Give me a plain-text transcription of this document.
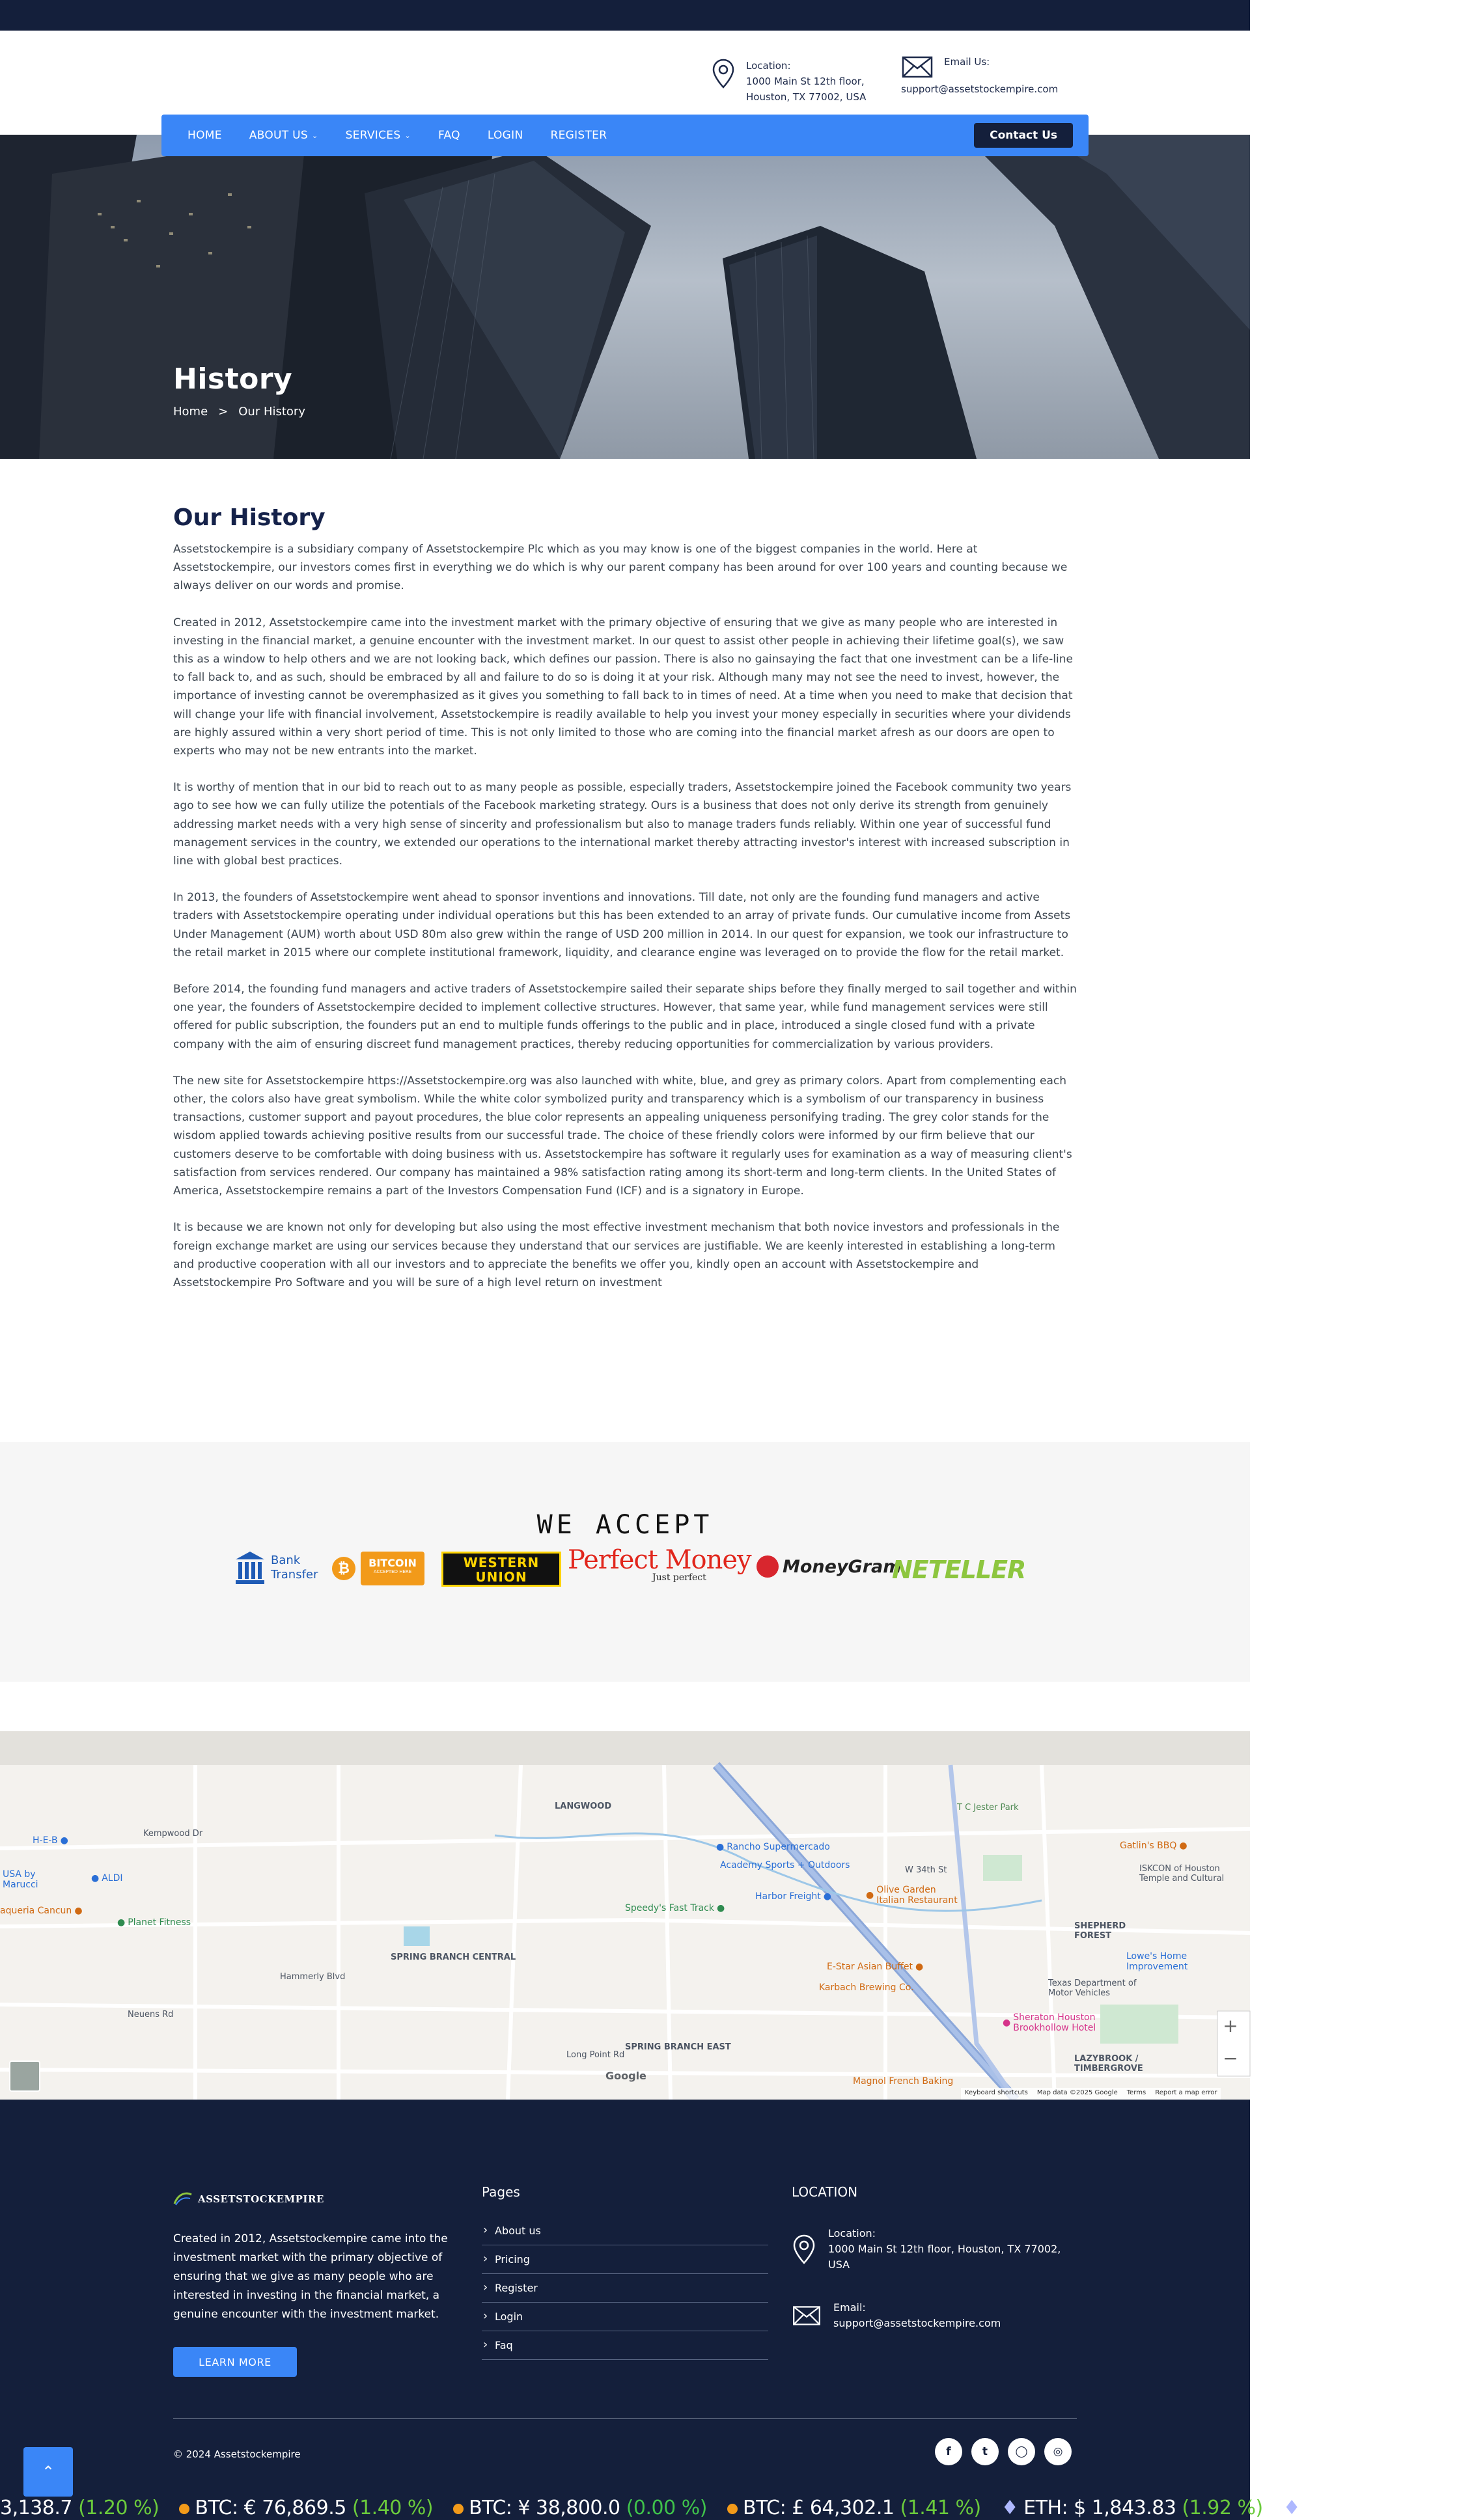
Location:
1000 Main St 12th floor,
Houston, TX 77002, USA
Email Us:
support@assetstockempire.com
HOME ABOUT US ⌄ SERVICES ⌄ FAQ LOGIN REGISTER	Contact Us
History
Home > Our History
Our History

Assetstockempire is a subsidiary company of Assetstockempire Plc which as you may know is one of the biggest companies in the world. Here at Assetstockempire, our investors comes first in everything we do which is why our parent company has been around for over 100 years and counting because we always deliver on our words and promise.

Created in 2012, Assetstockempire came into the investment market with the primary objective of ensuring that we give as many people who are interested in investing in the financial market, a genuine encounter with the investment market. In our quest to assist other people in achieving their lifetime goal(s), we saw this as a window to help others and we are not looking back, which defines our passion. There is also no gainsaying the fact that one investment can be a life-line to fall back to, and as such, should be embraced by all and failure to do so is doing it at your risk. Although many may not see the need to invest, however, the importance of investing cannot be overemphasized as it gives you something to fall back to in times of need. At a time when you need to make that decision that will change your life with financial involvement, Assetstockempire is readily available to help you invest your money especially in securities where your dividends are highly assured within a very short period of time. This is not only limited to those who are coming into the financial market afresh as our doors are open to experts who may not be new entrants into the market.

It is worthy of mention that in our bid to reach out to as many people as possible, especially traders, Assetstockempire joined the Facebook community two years ago to see how we can fully utilize the potentials of the Facebook marketing strategy. Ours is a business that does not only derive its strength from genuinely addressing market needs with a very high sense of sincerity and professionalism but also to manage traders funds reliably. Within one year of successful fund management services in the country, we extended our operations to the international market thereby attracting investor's interest with increased subscription in line with global best practices.

In 2013, the founders of Assetstockempire went ahead to sponsor inventions and innovations. Till date, not only are the founding fund managers and active traders with Assetstockempire operating under individual operations but this has been extended to an array of private funds. Our cumulative income from Assets Under Management (AUM) worth about USD 80m also grew within the range of USD 200 million in 2014. In our quest for expansion, we took our infrastructure to the retail market in 2015 where our complete institutional framework, liquidity, and clearance engine was leveraged on to provide the flow for the retail market.

Before 2014, the founding fund managers and active traders of Assetstockempire sailed their separate ships before they finally merged to sail together and within one year, the founders of Assetstockempire decided to implement collective structures. However, that same year, while fund management services were still offered for public subscription, the founders put an end to multiple funds offerings to the public and in place, introduced a single closed fund with a private company with the aim of ensuring discreet fund management practices, thereby reducing opportunities for commercialization by various providers.

The new site for Assetstockempire https://Assetstockempire.org was also launched with white, blue, and grey as primary colors. Apart from complementing each other, the colors also have great symbolism. While the white color symbolized purity and transparency which is a symbolism of our transparency in business transactions, customer support and payout procedures, the blue color represents an appealing uniqueness personifying trading. The grey color stands for the wisdom applied towards achieving positive results from our successful trade. The choice of these friendly colors were informed by our firm believe that our customers deserve to be comfortable with doing business with us. Assetstockempire has software it regularly uses for examination as a way of measuring client's satisfaction from services rendered. Our company has maintained a 98% satisfaction rating among its short-term and long-term clients. In the United States of America, Assetstockempire remains a part of the Investors Compensation Fund (ICF) and is a signatory in Europe.

It is because we are known not only for developing but also using the most effective investment mechanism that both novice investors and professionals in the foreign exchange market are using our services because they understand that our services are justifiable. We are keenly interested in establishing a long-term and productive cooperation with all our investors and to appreciate the benefits we offer you, kindly open an account with Assetstockempire and Assetstockempire Pro Software and you will be sure of a high level return on investment

WE ACCEPT
Bank
Transfer	₿	BITCOIN
ACCEPTED HERE
WESTERN
UNION
Perfect Money
Just perfect
MoneyGram
NETELLER
LANGWOOD	T C Jester Park
● Rancho Supermercado
Academy Sports + Outdoors
Harbor Freight ●	● Olive Garden Italian Restaurant
Speedy's Fast Track ●
SPRING BRANCH CENTRAL
Hammerly Blvd
Neuens Rd
● Planet Fitness
● ALDI
H-E-B ●
USA by Marucci
aqueria Cancun ●
Gatlin's BBQ ●
ISKCON of Houston Temple and Cultural
SHEPHERD FOREST
Lowe's Home Improvement
Texas Department of Motor Vehicles
● Sheraton Houston Brookhollow Hotel
E-Star Asian Buffet ●
Karbach Brewing Co.
SPRING BRANCH EAST
LAZYBROOK / TIMBERGROVE
Magnol French Baking
Kempwood Dr
Long Point Rd
W 34th St
Google
Keyboard shortcuts Map data ©2025 Google Terms Report a map error
+
−
ASSETSTOCKEMPIRE
Created in 2012, Assetstockempire came into the investment market with the primary objective of ensuring that we give as many people who are interested in investing in the financial market, a genuine encounter with the investment market.
LEARN MORE
Pages
› About us
› Pricing
› Register
› Login
› Faq
LOCATION
Location:
1000 Main St 12th floor, Houston, TX 77002, USA
Email:
support@assetstockempire.com
© 2024 Assetstockempire	f	t	◯	◎
⌃
3,138.7 (1.20 %) BTC: € 76,869.5 (1.40 %) BTC: ¥ 38,800.0 (0.00 %) BTC: £ 64,302.1 (1.41 %) ♦ ETH: $ 1,843.83 (1.92 %) ♦ ETH: € 1,705.11
